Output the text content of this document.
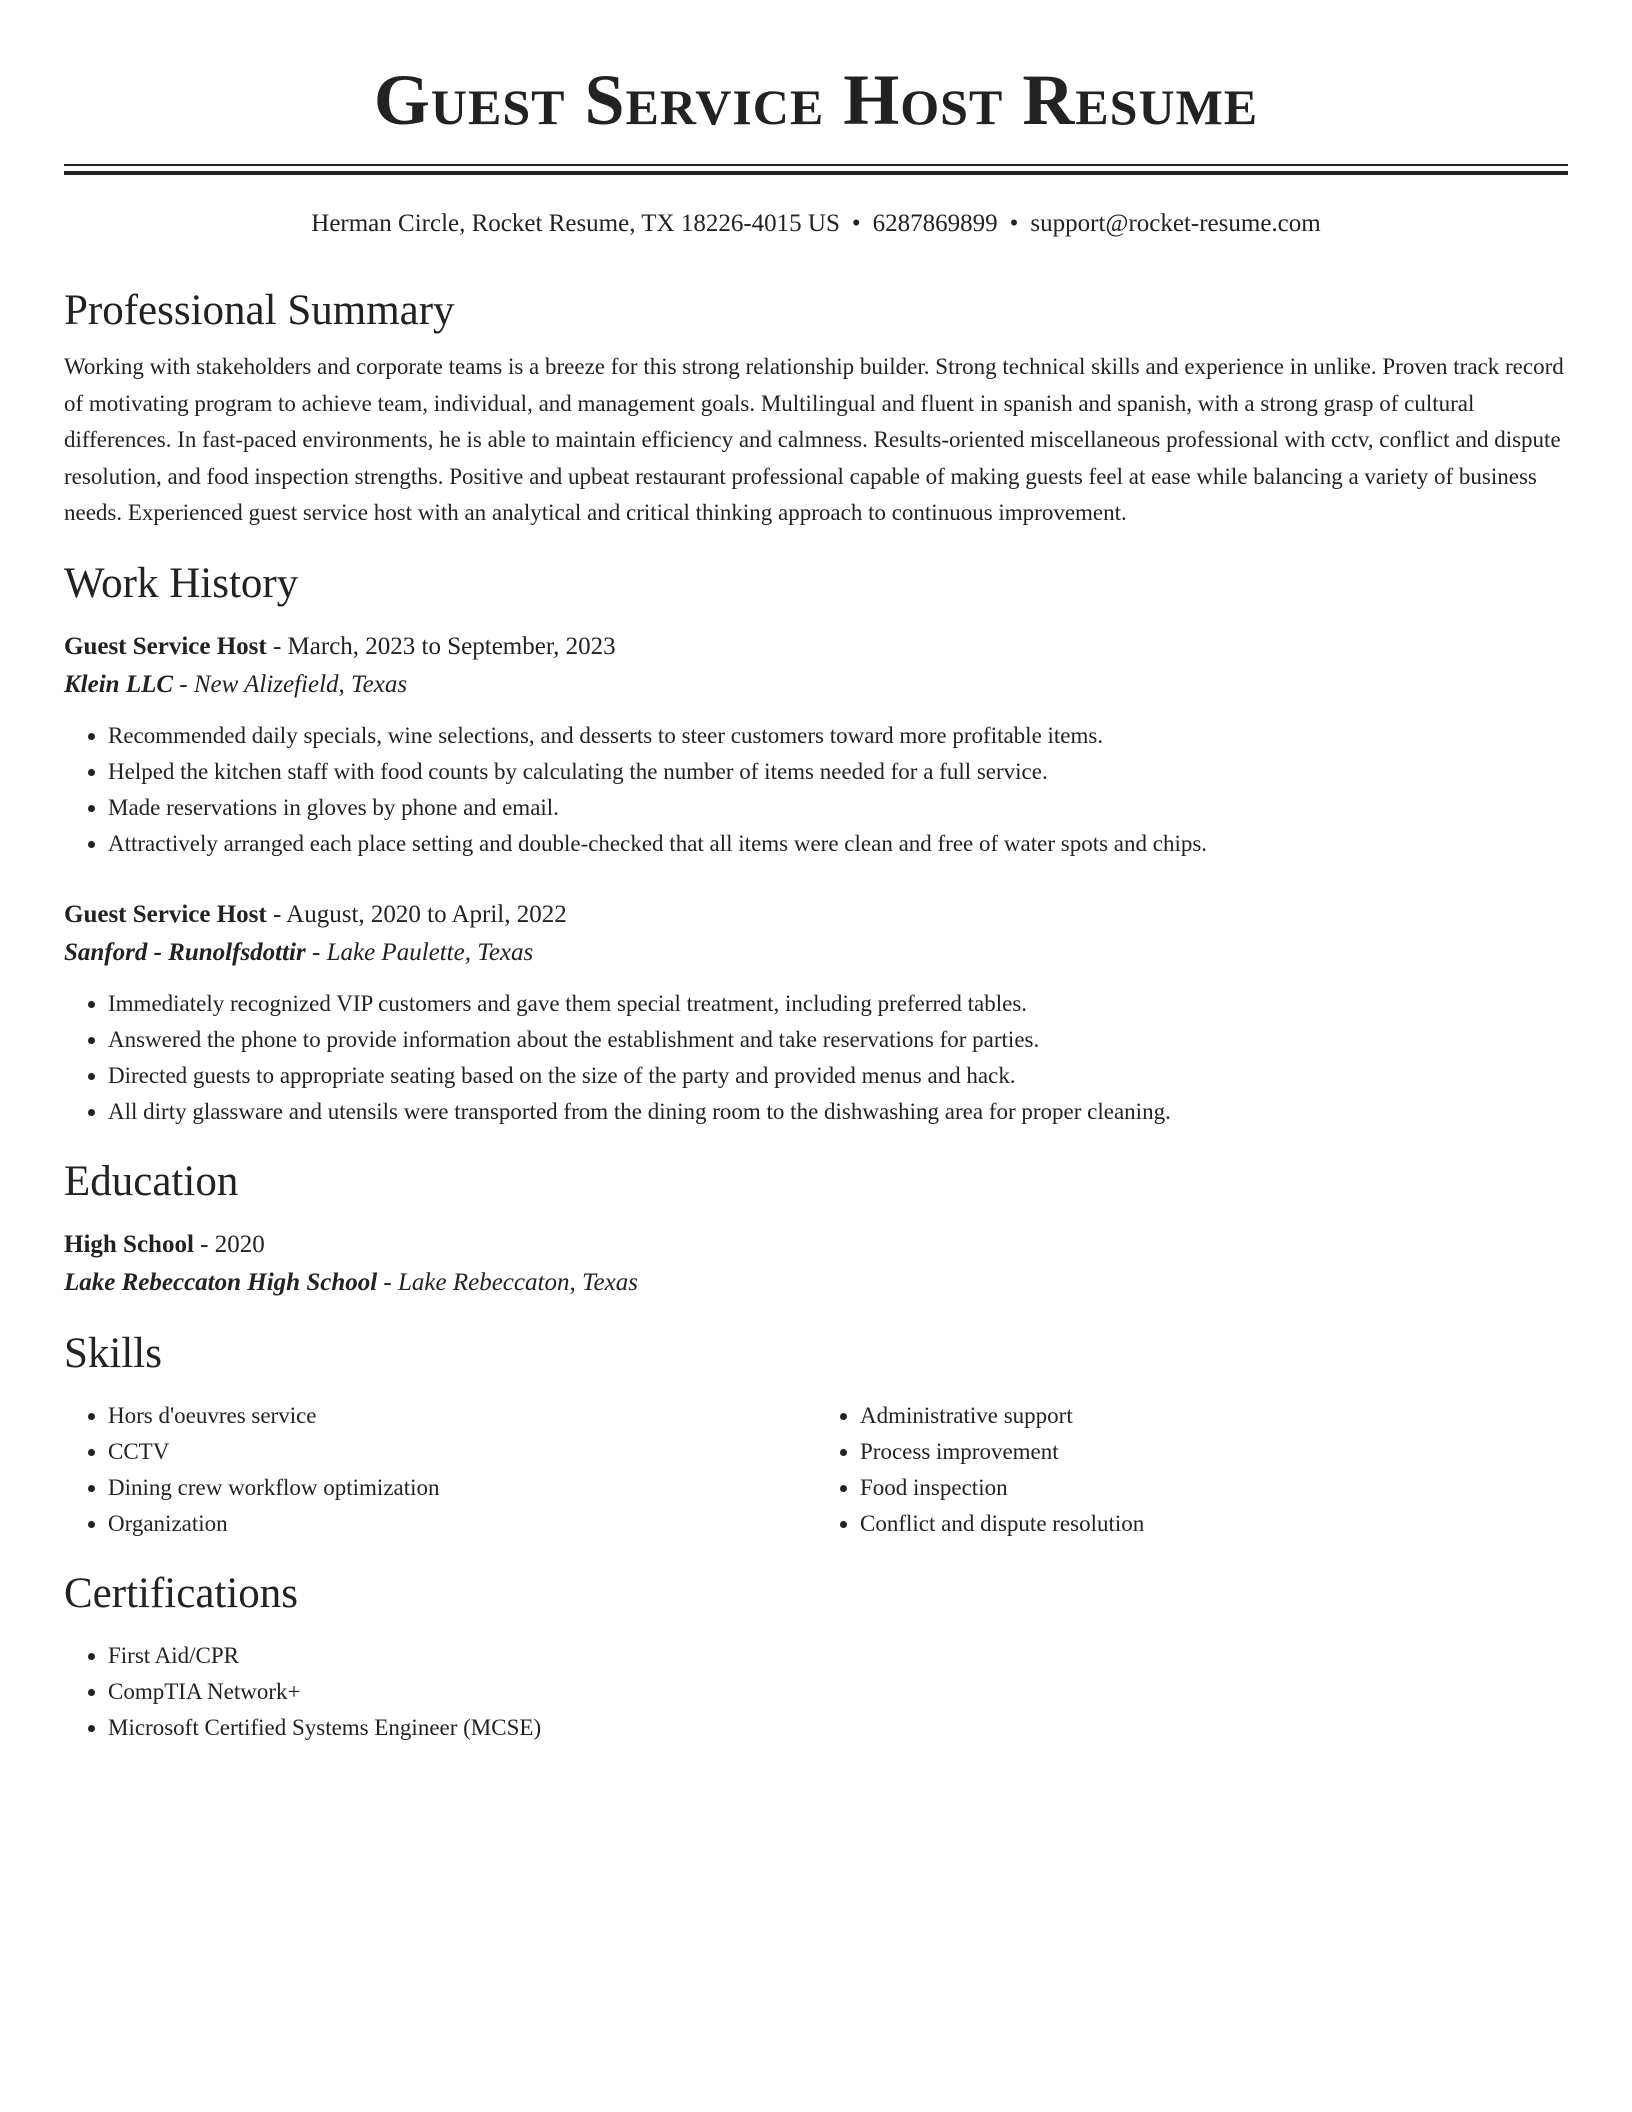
Guest Service Host Resume
Herman Circle, Rocket Resume, TX 18226-4015 US • 6287869899 • support@rocket-resume.com
Professional Summary

Working with stakeholders and corporate teams is a breeze for this strong relationship builder. Strong technical skills and experience in unlike. Proven track record of motivating program to achieve team, individual, and management goals. Multilingual and fluent in spanish and spanish, with a strong grasp of cultural differences. In fast-paced environments, he is able to maintain efficiency and calmness. Results-oriented miscellaneous professional with cctv, conflict and dispute resolution, and food inspection strengths. Positive and upbeat restaurant professional capable of making guests feel at ease while balancing a variety of business needs. Experienced guest service host with an analytical and critical thinking approach to continuous improvement.

Work History
Guest Service Host - March, 2023 to September, 2023
Klein LLC - New Alizefield, Texas
• Recommended daily specials, wine selections, and desserts to steer customers toward more profitable items.
• Helped the kitchen staff with food counts by calculating the number of items needed for a full service.
• Made reservations in gloves by phone and email.
• Attractively arranged each place setting and double-checked that all items were clean and free of water spots and chips.
Guest Service Host - August, 2020 to April, 2022
Sanford - Runolfsdottir - Lake Paulette, Texas
• Immediately recognized VIP customers and gave them special treatment, including preferred tables.
• Answered the phone to provide information about the establishment and take reservations for parties.
• Directed guests to appropriate seating based on the size of the party and provided menus and hack.
• All dirty glassware and utensils were transported from the dining room to the dishwashing area for proper cleaning.
Education
High School - 2020
Lake Rebeccaton High School - Lake Rebeccaton, Texas
Skills
• Hors d'oeuvres service
• CCTV
• Dining crew workflow optimization
• Organization
• Administrative support
• Process improvement
• Food inspection
• Conflict and dispute resolution
Certifications
• First Aid/CPR
• CompTIA Network+
• Microsoft Certified Systems Engineer (MCSE)
